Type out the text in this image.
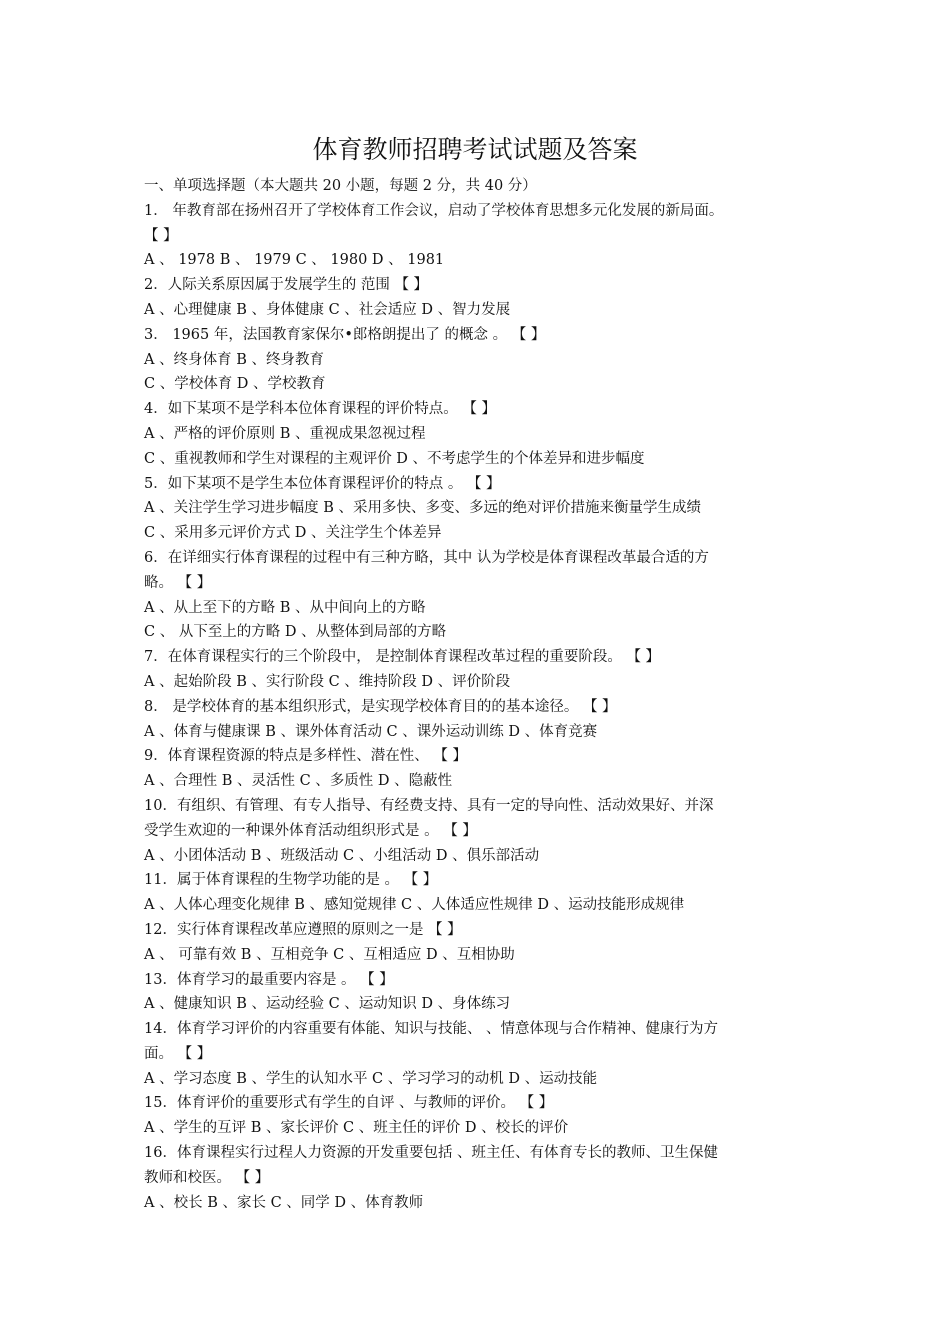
体育教师招聘考试试题及答案
一、单项选择题（本大题共 20 小题，每题 2 分，共 40 分）
1． 年教育部在扬州召开了学校体育工作会议，启动了学校体育思想多元化发展的新局面。
【 】
A 、 1978 B 、 1979 C 、 1980 D 、 1981
2．人际关系原因属于发展学生的 范围 【 】
A 、心理健康 B 、身体健康 C 、社会适应 D 、智力发展
3． 1965 年，法国教育家保尔•郎格朗提出了 的概念 。 【 】
A 、终身体育 B 、终身教育
C 、学校体育 D 、学校教育
4．如下某项不是学科本位体育课程的评价特点。 【 】
A 、严格的评价原则 B 、重视成果忽视过程
C 、重视教师和学生对课程的主观评价 D 、不考虑学生的个体差异和进步幅度
5．如下某项不是学生本位体育课程评价的特点 。 【 】
A 、关注学生学习进步幅度 B 、采用多快、多变、多远的绝对评价措施来衡量学生成绩
C 、采用多元评价方式 D 、关注学生个体差异
6．在详细实行体育课程的过程中有三种方略，其中 认为学校是体育课程改革最合适的方
略。 【 】
A 、从上至下的方略 B 、从中间向上的方略
C 、 从下至上的方略 D 、从整体到局部的方略
7．在体育课程实行的三个阶段中， 是控制体育课程改革过程的重要阶段。 【 】
A 、起始阶段 B 、实行阶段 C 、维持阶段 D 、评价阶段
8． 是学校体育的基本组织形式，是实现学校体育目的的基本途径。 【 】
A 、体育与健康课 B 、课外体育活动 C 、课外运动训练 D 、体育竞赛
9．体育课程资源的特点是多样性、潜在性、 【 】
A 、合理性 B 、灵活性 C 、多质性 D 、隐蔽性
10．有组织、有管理、有专人指导、有经费支持、具有一定的导向性、活动效果好、并深
受学生欢迎的一种课外体育活动组织形式是 。 【 】
A 、小团体活动 B 、班级活动 C 、小组活动 D 、俱乐部活动
11．属于体育课程的生物学功能的是 。 【 】
A 、人体心理变化规律 B 、感知觉规律 C 、人体适应性规律 D 、运动技能形成规律
12．实行体育课程改革应遵照的原则之一是 【 】
A 、 可靠有效 B 、互相竞争 C 、互相适应 D 、互相协助
13．体育学习的最重要内容是 。 【 】
A 、健康知识 B 、运动经验 C 、运动知识 D 、身体练习
14．体育学习评价的内容重要有体能、知识与技能、 、情意体现与合作精神、健康行为方
面。 【 】
A 、学习态度 B 、学生的认知水平 C 、学习学习的动机 D 、运动技能
15．体育评价的重要形式有学生的自评 、与教师的评价。 【 】
A 、学生的互评 B 、家长评价 C 、班主任的评价 D 、校长的评价
16．体育课程实行过程人力资源的开发重要包括 、班主任、有体育专长的教师、卫生保健
教师和校医。 【 】
A 、校长 B 、家长 C 、同学 D 、体育教师
